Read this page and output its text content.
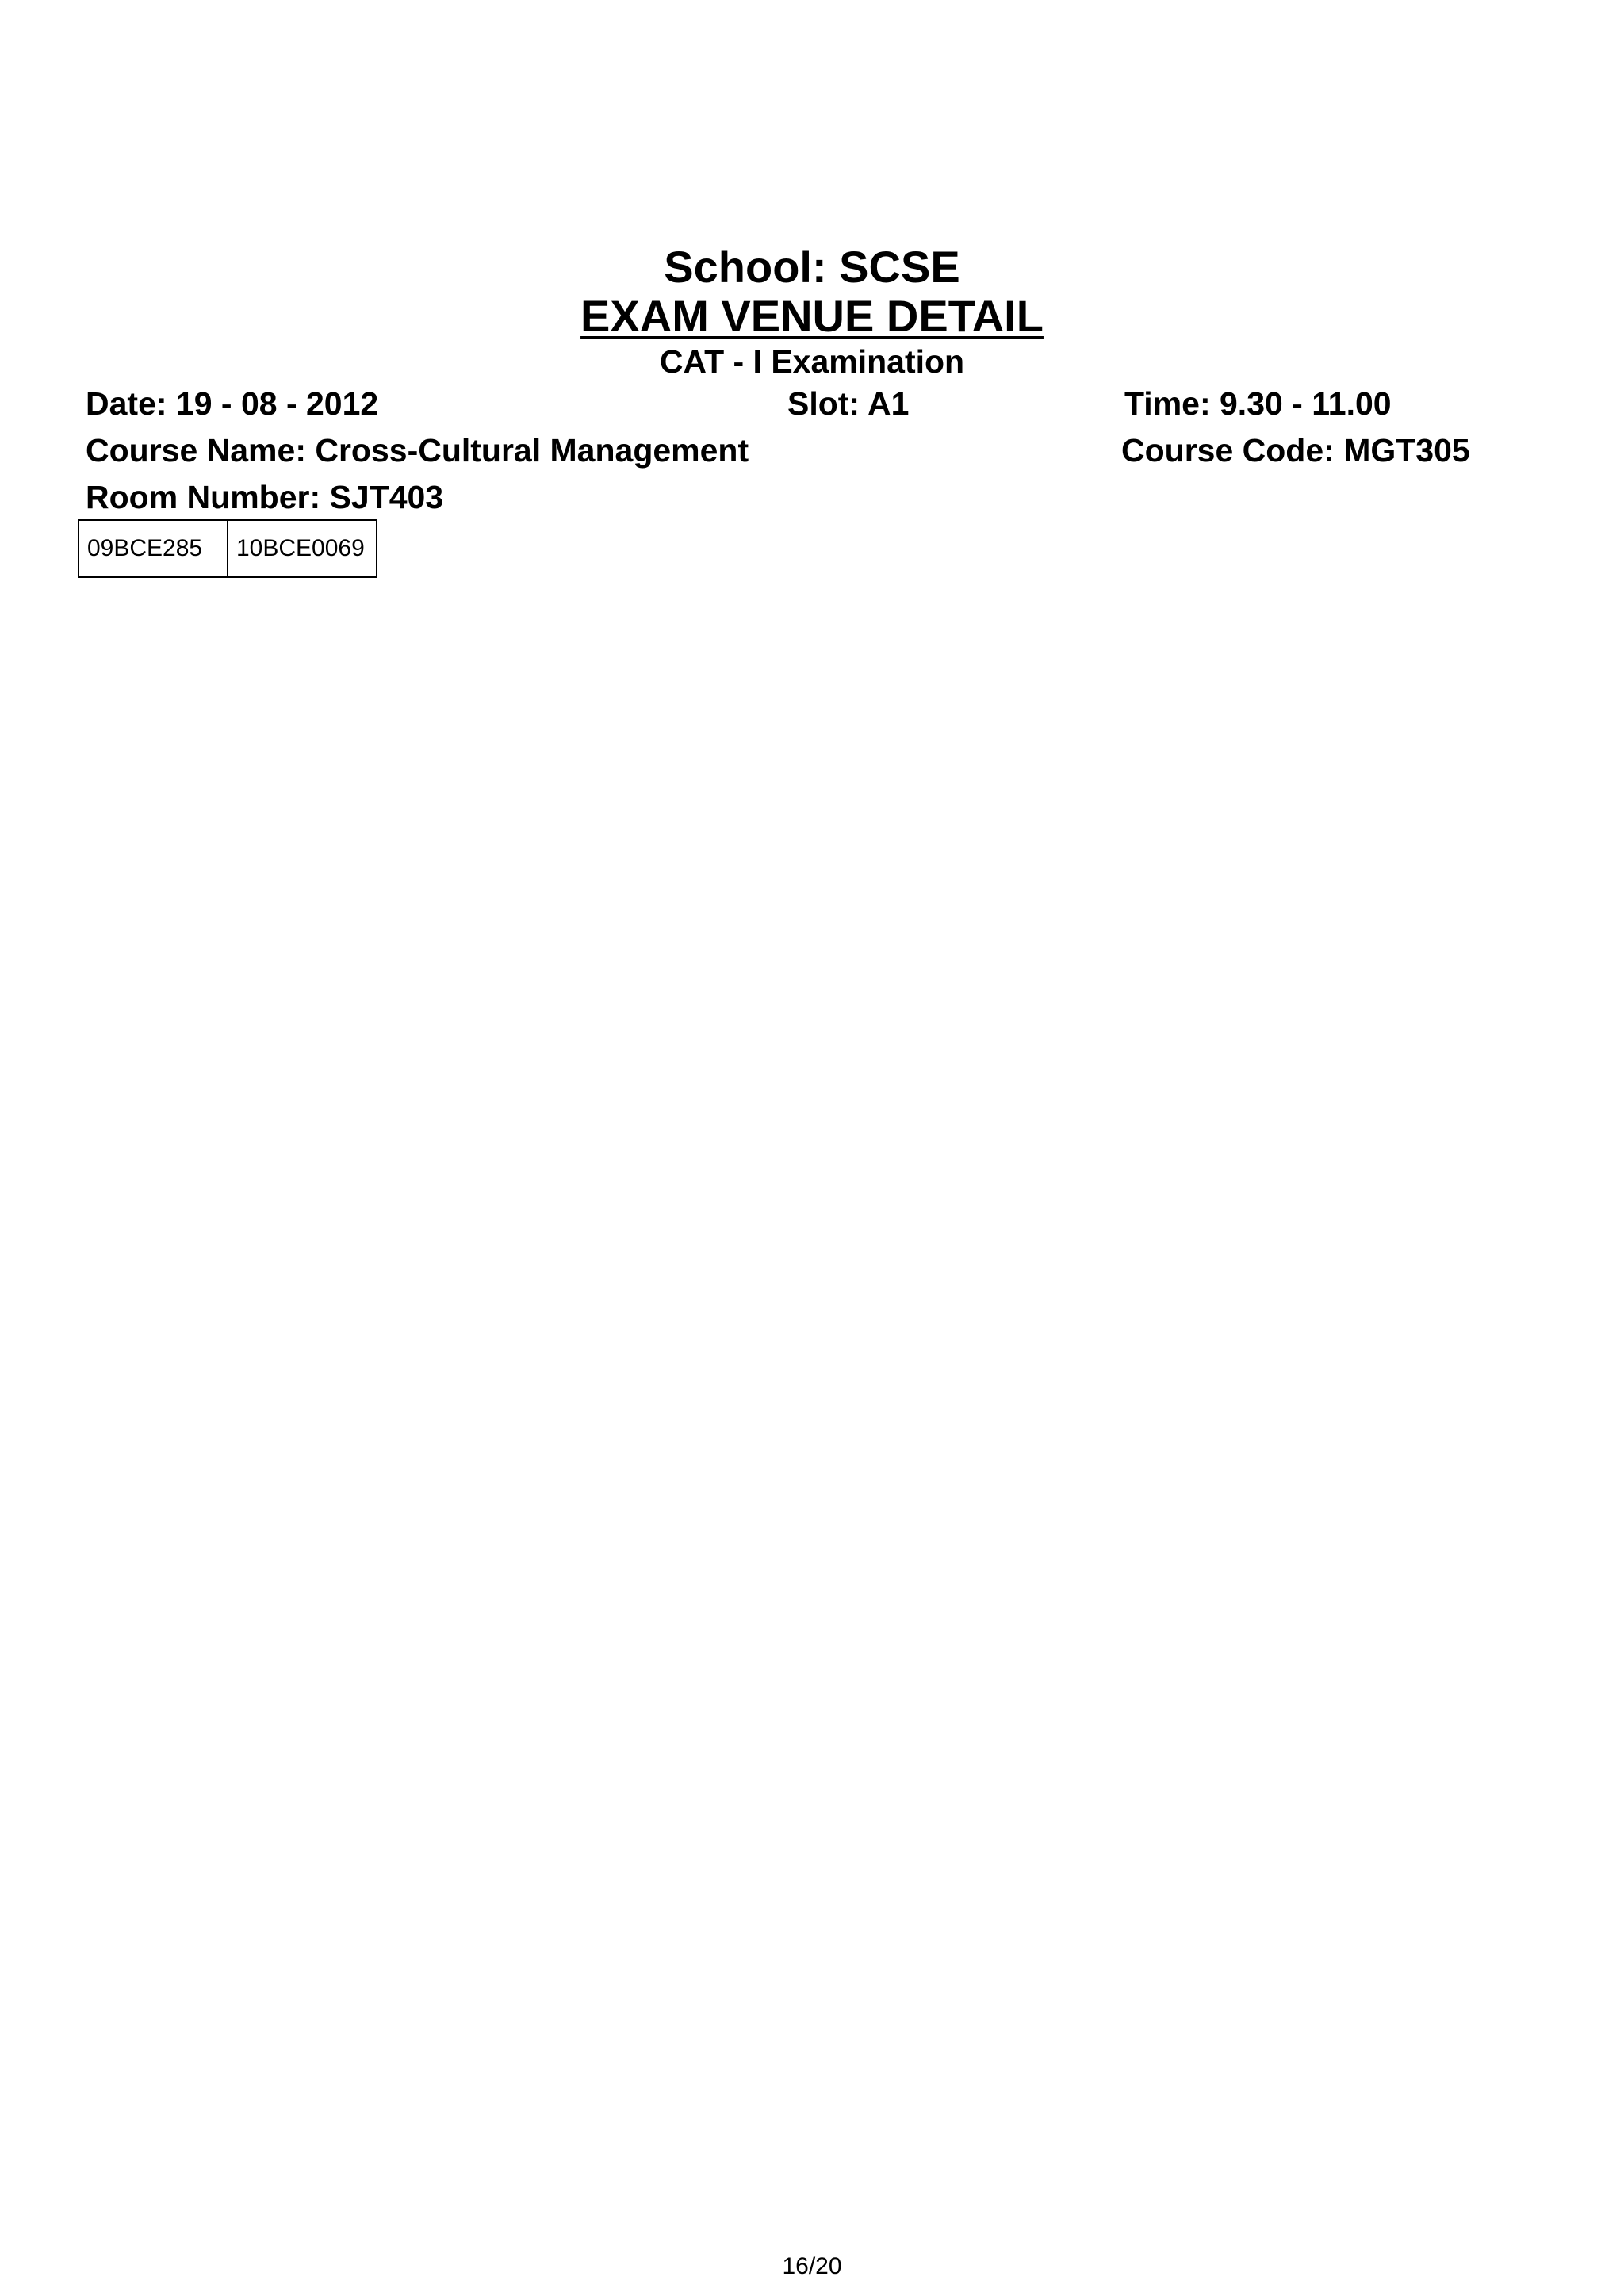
School: SCSE
EXAM VENUE DETAIL
CAT - I Examination
Date: 19 - 08 - 2012	Slot: A1	Time: 9.30 - 11.00
Course Name: Cross-Cultural Management	Course Code: MGT305
Room Number: SJT403
09BCE285	10BCE0069
16/20
